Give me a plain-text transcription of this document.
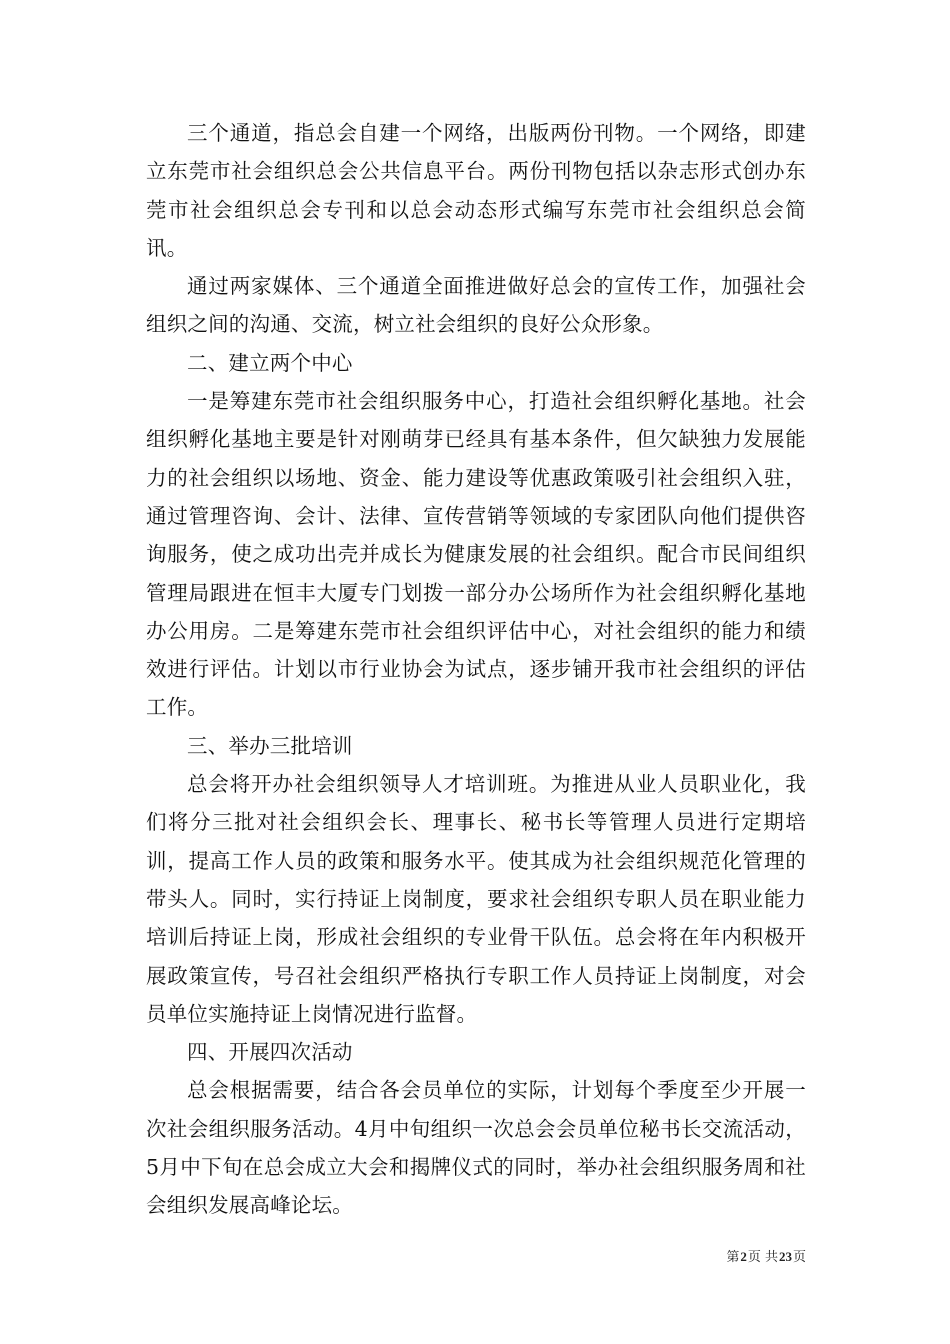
三个通道，指总会自建一个网络，出版两份刊物。一个网络，即建立东莞市社会组织总会公共信息平台。两份刊物包括以杂志形式创办东莞市社会组织总会专刊和以总会动态形式编写东莞市社会组织总会简讯。

通过两家媒体、三个通道全面推进做好总会的宣传工作，加强社会组织之间的沟通、交流，树立社会组织的良好公众形象。

二、建立两个中心

一是筹建东莞市社会组织服务中心，打造社会组织孵化基地。社会组织孵化基地主要是针对刚萌芽已经具有基本条件，但欠缺独力发展能力的社会组织以场地、资金、能力建设等优惠政策吸引社会组织入驻，通过管理咨询、会计、法律、宣传营销等领域的专家团队向他们提供咨询服务，使之成功出壳并成长为健康发展的社会组织。配合市民间组织管理局跟进在恒丰大厦专门划拨一部分办公场所作为社会组织孵化基地办公用房。二是筹建东莞市社会组织评估中心，对社会组织的能力和绩效进行评估。计划以市行业协会为试点，逐步铺开我市社会组织的评估工作。

三、举办三批培训

总会将开办社会组织领导人才培训班。为推进从业人员职业化，我们将分三批对社会组织会长、理事长、秘书长等管理人员进行定期培训，提高工作人员的政策和服务水平。使其成为社会组织规范化管理的带头人。同时，实行持证上岗制度，要求社会组织专职人员在职业能力培训后持证上岗，形成社会组织的专业骨干队伍。总会将在年内积极开展政策宣传，号召社会组织严格执行专职工作人员持证上岗制度，对会员单位实施持证上岗情况进行监督。

四、开展四次活动

总会根据需要，结合各会员单位的实际，计划每个季度至少开展一次社会组织服务活动。4月中旬组织一次总会会员单位秘书长交流活动，5月中下旬在总会成立大会和揭牌仪式的同时，举办社会组织服务周和社会组织发展高峰论坛。

第2页 共23页
